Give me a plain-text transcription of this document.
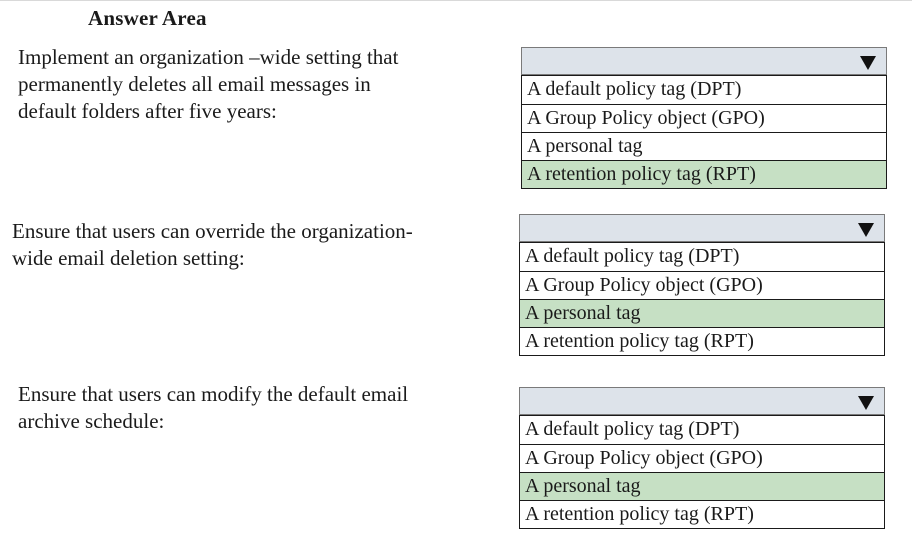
Answer Area
Implement an organization –wide setting that
permanently deletes all email messages in
default folders after five years:
A default policy tag (DPT)
A Group Policy object (GPO)
A personal tag
A retention policy tag (RPT)
Ensure that users can override the organization-
wide email deletion setting:	A default policy tag (DPT)
A Group Policy object (GPO)
A personal tag
A retention policy tag (RPT)
Ensure that users can modify the default email
archive schedule:	A default policy tag (DPT)
A Group Policy object (GPO)
A personal tag
A retention policy tag (RPT)
